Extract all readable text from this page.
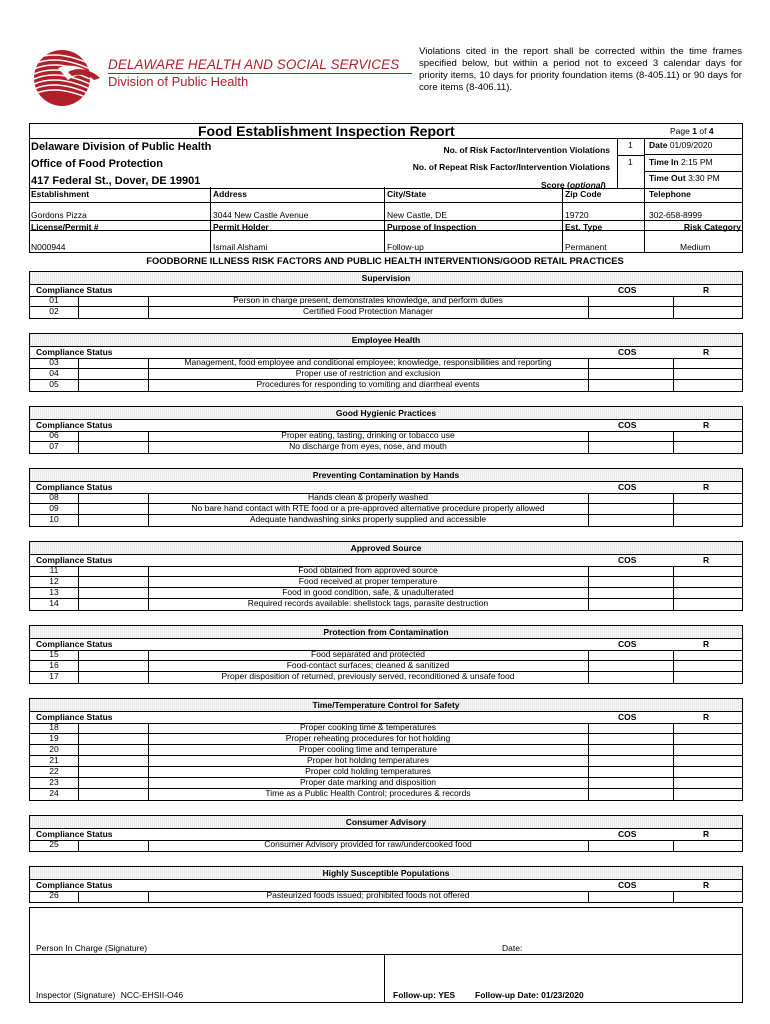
DELAWARE HEALTH AND SOCIAL SERVICES
Division of Public Health
Violations cited in the report shall be corrected within the time frames specified below, but within a period not to exceed 3 calendar days for priority items, 10 days for priority foundation items (8-405.11) or 90 days for core items (8-406.11).
Food Establishment Inspection Report	Page 1 of 4
Delaware Division of Public Health
Office of Food Protection
417 Federal St., Dover, DE 19901
No. of Risk Factor/Intervention Violations 1
No. of Repeat Risk Factor/Intervention Violations 1
Score (optional)
Date 01/09/2020
Time In 2:15 PM
Time Out 3:30 PM
Establishment	Address	City/State	Zip Code	Telephone
Gordons Pizza	3044 New Castle Avenue	New Castle, DE	19720	302-658-8999
License/Permit #	Permit Holder	Purpose of Inspection	Est. Type	Risk Category
N000944	Ismail Alshami	Follow-up	Permanent	Medium
FOODBORNE ILLNESS RISK FACTORS AND PUBLIC HEALTH INTERVENTIONS/GOOD RETAIL PRACTICES
Supervision
Compliance Status	COS	R
01	Person in charge present, demonstrates knowledge, and perform duties
02	Certified Food Protection Manager
Employee Health
Compliance Status	COS	R
03	Management, food employee and conditional employee; knowledge, responsibilities and reporting
04	Proper use of restriction and exclusion
05	Procedures for responding to vomiting and diarrheal events
Good Hygienic Practices
Compliance Status	COS	R
06	Proper eating, tasting, drinking or tobacco use
07	No discharge from eyes, nose, and mouth
Preventing Contamination by Hands
Compliance Status	COS	R
08	Hands clean & properly washed
09	No bare hand contact with RTE food or a pre-approved alternative procedure properly allowed
10	Adequate handwashing sinks properly supplied and accessible
Approved Source
Compliance Status	COS	R
11	Food obtained from approved source
12	Food received at proper temperature
13	Food in good condition, safe, & unadulterated
14	Required records available: shellstock tags, parasite destruction
Protection from Contamination
Compliance Status	COS	R
15	Food separated and protected
16	Food-contact surfaces; cleaned & sanitized
17	Proper disposition of returned, previously served, reconditioned & unsafe food
Time/Temperature Control for Safety
Compliance Status	COS	R
18	Proper cooking time & temperatures
19	Proper reheating procedures for hot holding
20	Proper cooling time and temperature
21	Proper hot holding temperatures
22	Proper cold holding temperatures
23	Proper date marking and disposition
24	Time as a Public Health Control; procedures & records
Consumer Advisory
Compliance Status	COS	R
25	Consumer Advisory provided for raw/undercooked food
Highly Susceptible Populations
Compliance Status	COS	R
26	Pasteurized foods issued; prohibited foods not offered
Person In Charge (Signature)	Date:
Inspector (Signature) NCC-EHSII-O46	Follow-up: YES Follow-up Date: 01/23/2020
